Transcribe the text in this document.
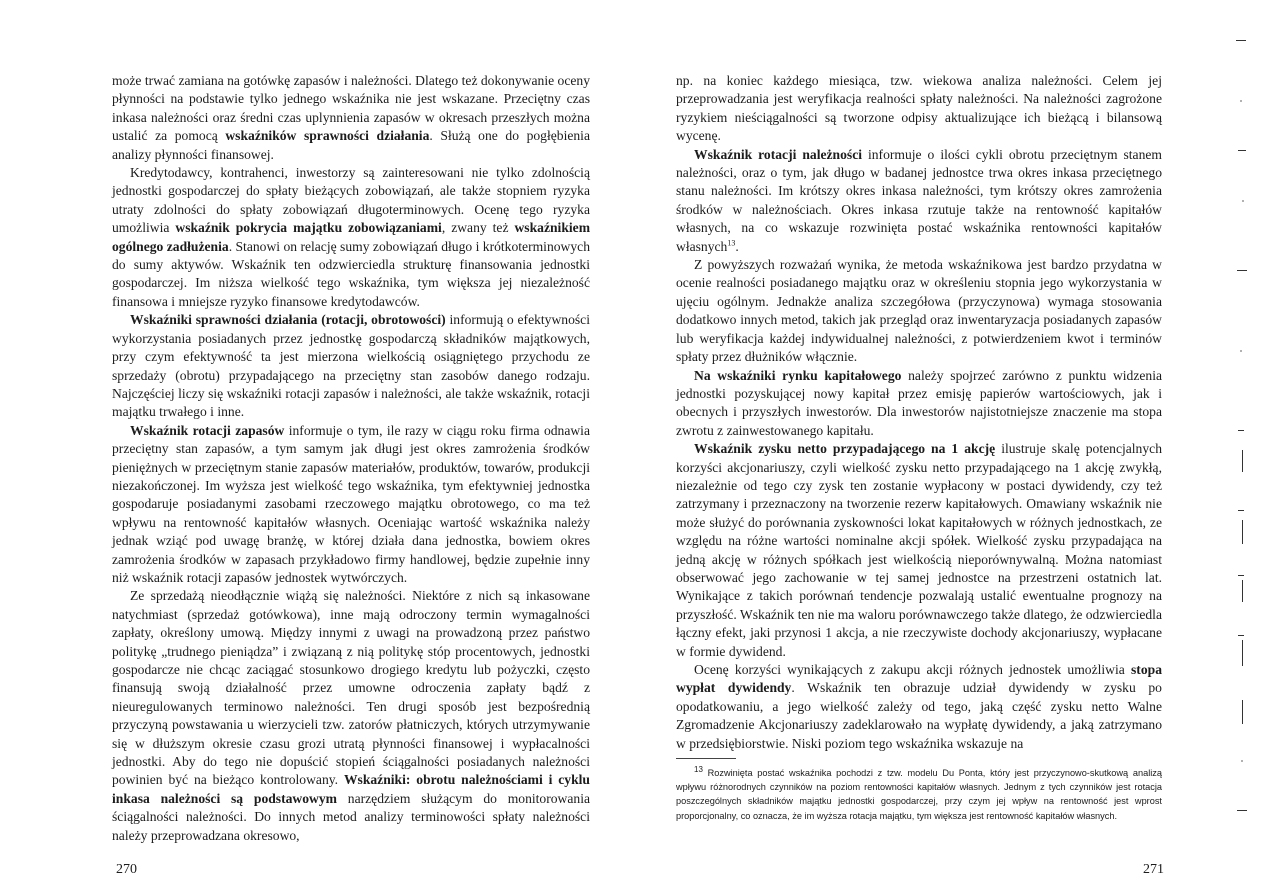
może trwać zamiana na gotówkę zapasów i należności. Dlatego też dokonywanie oceny płynności na podstawie tylko jednego wskaźnika nie jest wskazane. Przeciętny czas inkasa należności oraz średni czas uplynnienia zapasów w okresach przeszłych można ustalić za pomocą wskaźników sprawności działania. Służą one do pogłębienia analizy płynności finansowej.

Kredytodawcy, kontrahenci, inwestorzy są zainteresowani nie tylko zdolnością jednostki gospodarczej do spłaty bieżących zobowiązań, ale także stopniem ryzyka utraty zdolności do spłaty zobowiązań długoterminowych. Ocenę tego ryzyka umożliwia wskaźnik pokrycia majątku zobowiązaniami, zwany też wskaźnikiem ogólnego zadłużenia. Stanowi on relację sumy zobowiązań długo i krótkoterminowych do sumy aktywów. Wskaźnik ten odzwierciedla strukturę finansowania jednostki gospodarczej. Im niższa wielkość tego wskaźnika, tym większa jej niezależność finansowa i mniejsze ryzyko finansowe kredytodawców.

Wskaźniki sprawności działania (rotacji, obrotowości) informują o efektywności wykorzystania posiadanych przez jednostkę gospodarczą składników majątkowych, przy czym efektywność ta jest mierzona wielkością osiągniętego przychodu ze sprzedaży (obrotu) przypadającego na przeciętny stan zasobów danego rodzaju. Najczęściej liczy się wskaźniki rotacji zapasów i należności, ale także wskaźnik, rotacji majątku trwałego i inne.

Wskaźnik rotacji zapasów informuje o tym, ile razy w ciągu roku firma odnawia przeciętny stan zapasów, a tym samym jak długi jest okres zamrożenia środków pieniężnych w przeciętnym stanie zapasów materiałów, produktów, towarów, produkcji niezakończonej. Im wyższa jest wielkość tego wskaźnika, tym efektywniej jednostka gospodaruje posiadanymi zasobami rzeczowego majątku obrotowego, co ma też wpływu na rentowność kapitałów własnych. Oceniając wartość wskaźnika należy jednak wziąć pod uwagę branżę, w której działa dana jednostka, bowiem okres zamrożenia środków w zapasach przykładowo firmy handlowej, będzie zupełnie inny niż wskaźnik rotacji zapasów jednostek wytwórczych.

Ze sprzedażą nieodłącznie wiążą się należności. Niektóre z nich są inkasowane natychmiast (sprzedaż gotówkowa), inne mają odroczony termin wymagalności zapłaty, określony umową. Między innymi z uwagi na prowadzoną przez państwo politykę „trudnego pieniądza” i związaną z nią politykę stóp procentowych, jednostki gospodarcze nie chcąc zaciągać stosunkowo drogiego kredytu lub pożyczki, często finansują swoją działalność przez umowne odroczenia zapłaty bądź z nieuregulowanych terminowo należności. Ten drugi sposób jest bezpośrednią przyczyną powstawania u wierzycieli tzw. zatorów płatniczych, których utrzymywanie się w dłuższym okresie czasu grozi utratą płynności finansowej i wypłacalności jednostki. Aby do tego nie dopuścić stopień ściągalności posiadanych należności powinien być na bieżąco kontrolowany. Wskaźniki: obrotu należnościami i cyklu inkasa należności są podstawowym narzędziem służącym do monitorowania ściągalności należności. Do innych metod analizy terminowości spłaty należności należy przeprowadzana okresowo,

270

np. na koniec każdego miesiąca, tzw. wiekowa analiza należności. Celem jej przeprowadzania jest weryfikacja realności spłaty należności. Na należności zagrożone ryzykiem nieściągalności są tworzone odpisy aktualizujące ich bieżącą i bilansową wycenę.

Wskaźnik rotacji należności informuje o ilości cykli obrotu przeciętnym stanem należności, oraz o tym, jak długo w badanej jednostce trwa okres inkasa przeciętnego stanu należności. Im krótszy okres inkasa należności, tym krótszy okres zamrożenia środków w należnościach. Okres inkasa rzutuje także na rentowność kapitałów własnych, na co wskazuje rozwinięta postać wskaźnika rentowności kapitałów własnych$^{13}$.

Z powyższych rozważań wynika, że metoda wskaźnikowa jest bardzo przydatna w ocenie realności posiadanego majątku oraz w określeniu stopnia jego wykorzystania w ujęciu ogólnym. Jednakże analiza szczegółowa (przyczynowa) wymaga stosowania dodatkowo innych metod, takich jak przegląd oraz inwentaryzacja posiadanych zapasów lub weryfikacja każdej indywidualnej należności, z potwierdzeniem kwot i terminów spłaty przez dłużników włącznie.

Na wskaźniki rynku kapitałowego należy spojrzeć zarówno z punktu widzenia jednostki pozyskującej nowy kapitał przez emisję papierów wartościowych, jak i obecnych i przyszłych inwestorów. Dla inwestorów najistotniejsze znaczenie ma stopa zwrotu z zainwestowanego kapitału.

Wskaźnik zysku netto przypadającego na 1 akcję ilustruje skalę potencjalnych korzyści akcjonariuszy, czyli wielkość zysku netto przypadającego na 1 akcję zwykłą, niezależnie od tego czy zysk ten zostanie wypłacony w postaci dywidendy, czy też zatrzymany i przeznaczony na tworzenie rezerw kapitałowych. Omawiany wskaźnik nie może służyć do porównania zyskowności lokat kapitałowych w różnych jednostkach, ze względu na różne wartości nominalne akcji spółek. Wielkość zysku przypadająca na jedną akcję w różnych spółkach jest wielkością nieporównywalną. Można natomiast obserwować jego zachowanie w tej samej jednostce na przestrzeni ostatnich lat. Wynikające z takich porównań tendencje pozwalają ustalić ewentualne prognozy na przyszłość. Wskaźnik ten nie ma waloru porównawczego także dlatego, że odzwierciedla łączny efekt, jaki przynosi 1 akcja, a nie rzeczywiste dochody akcjonariuszy, wypłacane w formie dywidend.

Ocenę korzyści wynikających z zakupu akcji różnych jednostek umożliwia stopa wypłat dywidendy. Wskaźnik ten obrazuje udział dywidendy w zysku po opodatkowaniu, a jego wielkość zależy od tego, jaką część zysku netto Walne Zgromadzenie Akcjonariuszy zadeklarowało na wypłatę dywidendy, a jaką zatrzymano w przedsiębiorstwie. Niski poziom tego wskaźnika wskazuje na

$^{13}$ Rozwinięta postać wskaźnika pochodzi z tzw. modelu Du Ponta, który jest przyczynowo-skutkową analizą wpływu różnorodnych czynników na poziom rentowności kapitałów własnych. Jednym z tych czynników jest rotacja poszczególnych składników majątku jednostki gospodarczej, przy czym jej wpływ na rentowność jest wprost proporcjonalny, co oznacza, że im wyższa rotacja majątku, tym większa jest rentowność kapitałów własnych.
271
